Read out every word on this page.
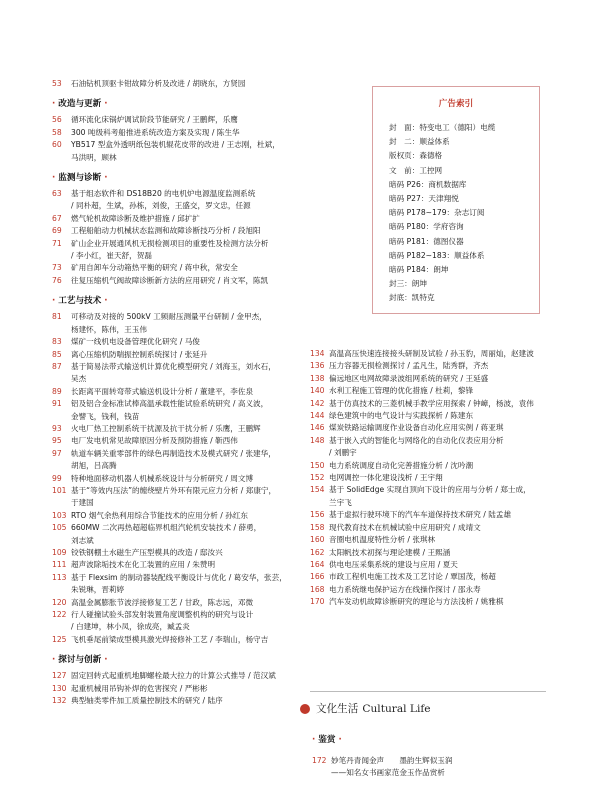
53	石油钻机顶驱卡钳故障分析及改进 / 胡晓东，方贤园
· 改造与更新 ·
56	循环流化床锅炉调试阶段节能研究 / 王鹏辉，乐鹰
58	300 吨级科考船推进系统改造方案及实现 / 陈生华
60	YB517 型盒外透明纸包装机辊花皮带的改进 / 王志刚，杜斌，
马洪明，顾林
· 监测与诊断 ·
63	基于组态软件和 DS18B20 的电机炉电源温度监测系统
/ 同朴超，生斌，孙栋，刘俊，王盛交，罗文忠，任源
67	燃气轮机故障诊断及维护措施 / 邱扩扩
69	工程船舶动力机械状态监测和故障诊断技巧分析 / 段旭阳
71	矿山企业开展通风机无损检测项目的重要性及检测方法分析
/ 李小红，崔天舒，贺磊
73	矿用自卸车分动箱热平衡的研究 / 蒋中秋，常安全
76	往复压缩机气阀故障诊断新方法的应用研究 / 肖文军，陈凯
· 工艺与技术 ·
81	可移动及对接的 500kV 工频耐压测量平台研制 / 金甲杰，
杨建怀，陈伟，王玉伟
83	煤矿一线机电设备管理优化研究 / 马俊
85	离心压缩机防喘振控制系统探讨 / 张延升
87	基于简易法带式输送机计算优化模型研究 / 刘海玉，刘水石，
吴杰
89	长距离平面转弯带式输送机设计分析 / 董建平，李佐泉
91	铝及铝合金标准试棒高温承载性能试验系统研究 / 高义波，
金譬飞，钱利，钱苗
93	火电厂热工控制系统干扰源及抗干扰分析 / 乐鹰，王鹏辉
95	电厂发电机常见故障原因分析及预防措施 / 靳西伟
97	轨道车辆关重零部件的绿色再制造技术及模式研究 / 张建华，
胡旭，吕高腾
99	特种地面移动机器人机械系统设计与分析研究 / 周文博
101 基于“等效内压法”的缠绕壁片外环有限元应力分析 / 郑康宁，
于建国
103 RTO 烟气余热利用综合节能技术的应用分析 / 孙红东
105 660MW 二次再热超超临界机组汽轮机安装技术 / 薛勇，
刘志斌
109 铰铁钢棚土水磁生产压型模具的改造 / 邸汝兴
111 超声波除垢技术在化工装置的应用 / 朱赞明
113 基于 Flexsim 的制动器装配线平衡设计与优化 / 葛安华，张芸，
朱锐琳，晋莉婷
120 高温金属膨胀节波浮接修复工艺 / 甘政，陈志远，邓微
122 行人碰撞试验头部发射装置角度调整机构的研究与设计
/ 白建坤，林小凤，徐成亮，臧孟炎
125 飞机垂尾前梁成型模具激光焊接修补工艺 / 李瑞山，杨守吉
· 探讨与创新 ·
127 固定回转式起重机地脚螺栓最大拉力的计算公式推导 / 范汉斌
130 起重机械用吊钩补焊的危害探究 / 严彬彬
132 典型轴类零件加工质量控制技术的研究 / 陆序
广告索引
封　面：特变电工（德阳）电缆
封　二：顺益体系
版权页：森德格
文　前：工控网
暗码 P26：商机数据库
暗码 P27：天津翔悦
暗码 P178~179：杂志订阅
暗码 P180：学府咨询
暗码 P181：德图仪器
暗码 P182~183：顺益体系
暗码 P184：朗坤
封三：朗坤
封底：凯特克
134 高温高压快速连接接头研制及试验 / 孙玉豹，周丽灿，赵建波
136 压力容器无损检测探讨 / 孟凡生，陆秀群，齐杰
138 偏远地区电网故障录波组网系统的研究 / 王延盛
140 水利工程施工管理的优化措施 / 杜莉，黎锋
142 基于仿真技术的三菱机械手教学应用探索 / 钟嶂，杨波，袁伟
144 绿色建筑中的电气设计与实践探析 / 陈建东
146 煤炭铁路运输调度作业设备自动化应用实例 / 蒋亚琪
148 基于嵌入式的智能化与网络化的自动化仪表应用分析
/ 刘鹏宇
150 电力系统调度自动化完善措施分析 / 沈吟潮
152 电网调控一体化建设浅析 / 王宇翔
154 基于 SolidEdge 实现自顶向下设计的应用与分析 / 郑士成，
兰宇飞
156 基于虚拟行驶环境下的汽车车道保持技术研究 / 陆孟雄
158 现代教育技术在机械试验中应用研究 / 成靖文
160 音圈电机温度特性分析 / 张琪林
162 太阳帆技术初探与理论建模 / 王熙涵
164 供电电压采集系统的建设与应用 / 夏天
166 市政工程机电施工技术及工艺讨论 / 覃国茂，杨超
168 电力系统继电保护运方在线操作探讨 / 邵永寿
170 汽车发动机故障诊断研究的理论与方法浅析 / 姚雅棋
文化生活 Cultural Life
· 鉴赏 ·
172 妙笔丹青闻金声　　墨韵生辉似玉润
——知名女书画家范金玉作品赏析
